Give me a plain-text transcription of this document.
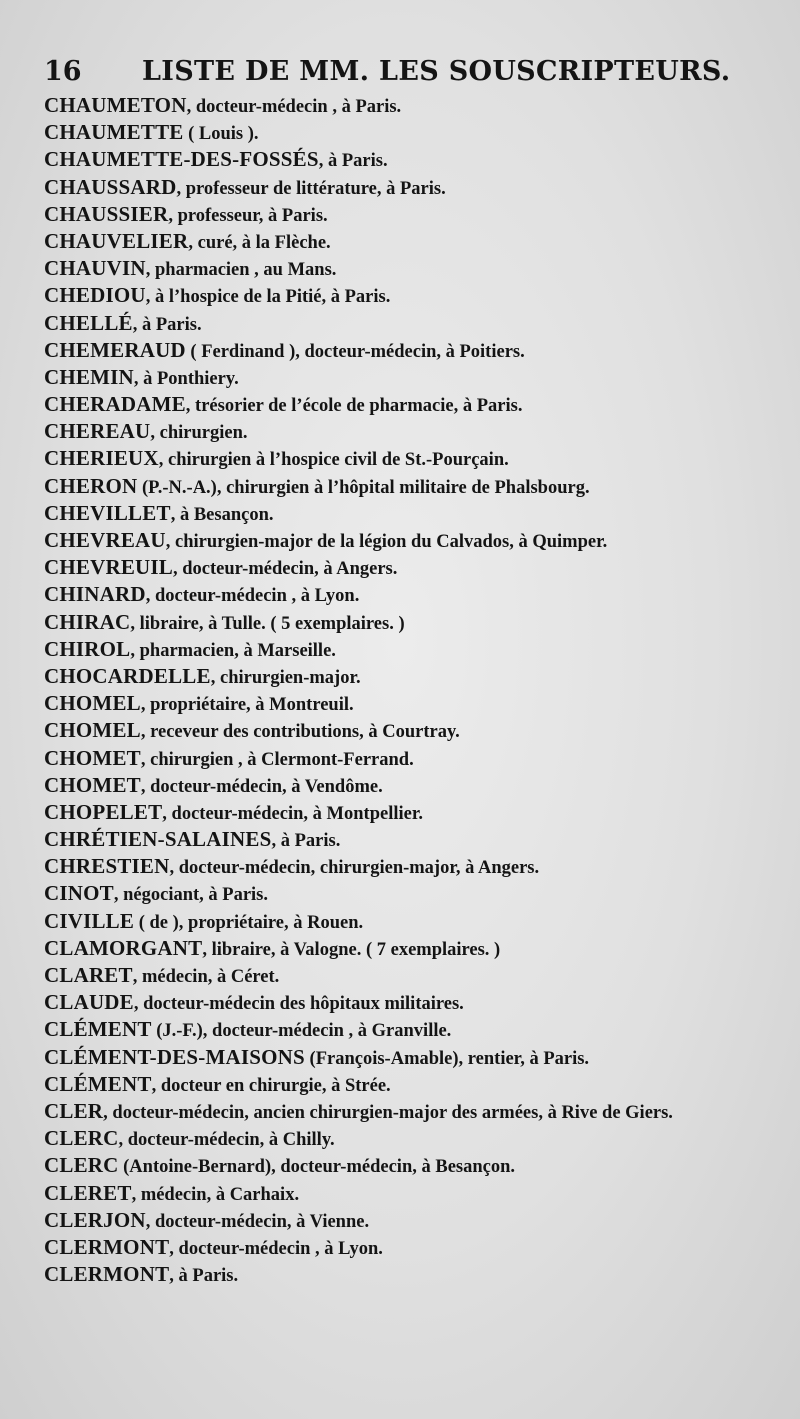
16 LISTE DE MM. LES SOUSCRIPTEURS.
CHAUMETON, docteur-médecin , à Paris.
CHAUMETTE ( Louis ).
CHAUMETTE-DES-FOSSÉS, à Paris.
CHAUSSARD, professeur de littérature, à Paris.
CHAUSSIER, professeur, à Paris.
CHAUVELIER, curé, à la Flèche.
CHAUVIN, pharmacien , au Mans.
CHEDIOU, à l’hospice de la Pitié, à Paris.
CHELLÉ, à Paris.
CHEMERAUD ( Ferdinand ), docteur-médecin, à Poitiers.
CHEMIN, à Ponthiery.
CHERADAME, trésorier de l’école de pharmacie, à Paris.
CHEREAU, chirurgien.
CHERIEUX, chirurgien à l’hospice civil de St.-Pourçain.
CHERON (P.-N.-A.), chirurgien à l’hôpital militaire de Phalsbourg.
CHEVILLET, à Besançon.
CHEVREAU, chirurgien-major de la légion du Calvados, à Quimper.
CHEVREUIL, docteur-médecin, à Angers.
CHINARD, docteur-médecin , à Lyon.
CHIRAC, libraire, à Tulle. ( 5 exemplaires. )
CHIROL, pharmacien, à Marseille.
CHOCARDELLE, chirurgien-major.
CHOMEL, propriétaire, à Montreuil.
CHOMEL, receveur des contributions, à Courtray.
CHOMET, chirurgien , à Clermont-Ferrand.
CHOMET, docteur-médecin, à Vendôme.
CHOPELET, docteur-médecin, à Montpellier.
CHRÉTIEN-SALAINES, à Paris.
CHRESTIEN, docteur-médecin, chirurgien-major, à Angers.
CINOT, négociant, à Paris.
CIVILLE ( de ), propriétaire, à Rouen.
CLAMORGANT, libraire, à Valogne. ( 7 exemplaires. )
CLARET, médecin, à Céret.
CLAUDE, docteur-médecin des hôpitaux militaires.
CLÉMENT (J.-F.), docteur-médecin , à Granville.
CLÉMENT-DES-MAISONS (François-Amable), rentier, à Paris.
CLÉMENT, docteur en chirurgie, à Strée.
CLER, docteur-médecin, ancien chirurgien-major des armées, à Rive de Giers.
CLERC, docteur-médecin, à Chilly.
CLERC (Antoine-Bernard), docteur-médecin, à Besançon.
CLERET, médecin, à Carhaix.
CLERJON, docteur-médecin, à Vienne.
CLERMONT, docteur-médecin , à Lyon.
CLERMONT, à Paris.
